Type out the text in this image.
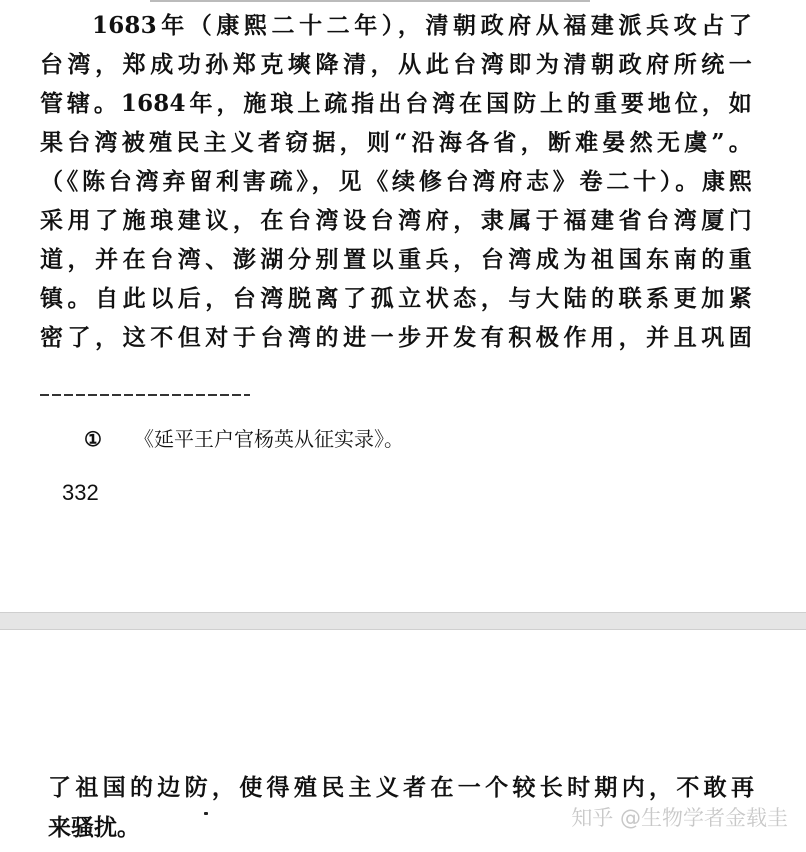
1683年（康熙二十二年），清朝政府从福建派兵攻占了
台湾，郑成功孙郑克塽降清，从此台湾即为清朝政府所统一
管辖。1684年，施琅上疏指出台湾在国防上的重要地位，如
果台湾被殖民主义者窃据，则“沿海各省，断难晏然无虞”。
（《陈台湾弃留利害疏》，见《续修台湾府志》卷二十）。康熙
采用了施琅建议，在台湾设台湾府，隶属于福建省台湾厦门
道，并在台湾、澎湖分别置以重兵，台湾成为祖国东南的重
镇。自此以后，台湾脱离了孤立状态，与大陆的联系更加紧
密了，这不但对于台湾的进一步开发有积极作用，并且巩固
① 《延平王户官杨英从征实录》。
332
了祖国的边防，使得殖民主义者在一个较长时期内，不敢再
来骚扰。	知乎 @生物学者金载圭
